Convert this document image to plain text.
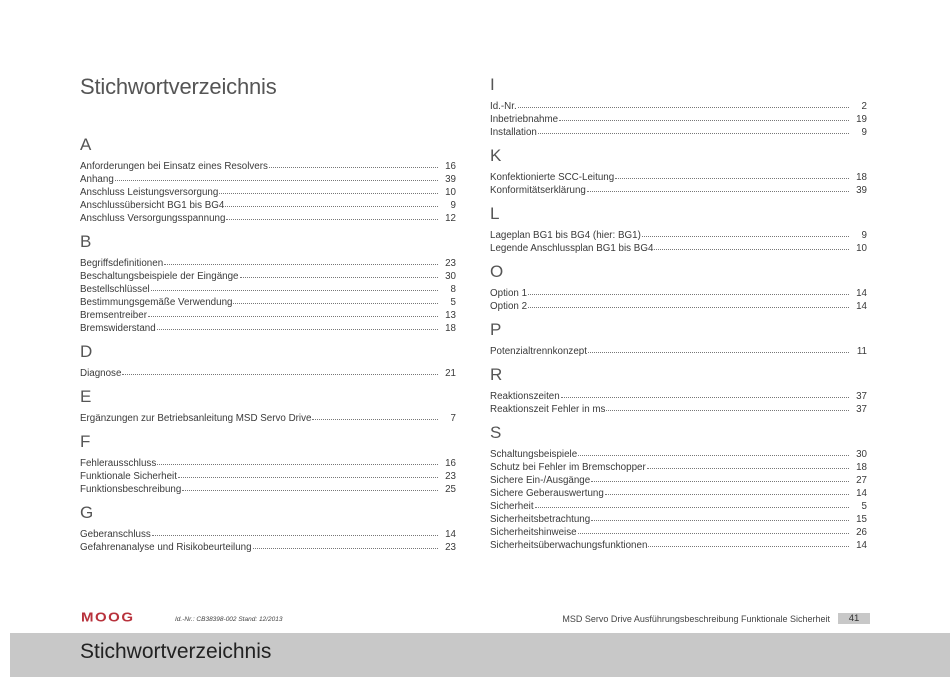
Stichwortverzeichnis
A
Anforderungen bei Einsatz eines Resolvers	16
Anhang	39
Anschluss Leistungsversorgung	10
Anschlussübersicht BG1 bis BG4	9
Anschluss Versorgungsspannung	12
B
Begriffsdefinitionen	23
Beschaltungsbeispiele der Eingänge	30
Bestellschlüssel	8
Bestimmungsgemäße Verwendung	5
Bremsentreiber	13
Bremswiderstand	18
D
Diagnose	21
E
Ergänzungen zur Betriebsanleitung MSD Servo Drive	7
F
Fehlerausschluss	16
Funktionale Sicherheit	23
Funktionsbeschreibung	25
G
Geberanschluss	14
Gefahrenanalyse und Risikobeurteilung	23
I
Id.-Nr.	2
Inbetriebnahme	19
Installation	9
K
Konfektionierte SCC-Leitung	18
Konformitätserklärung	39
L
Lageplan BG1 bis BG4 (hier: BG1)	9
Legende Anschlussplan BG1 bis BG4	10
O
Option 1	14
Option 2	14
P
Potenzialtrennkonzept	11
R
Reaktionszeiten	37
Reaktionszeit Fehler in ms	37
S
Schaltungsbeispiele	30
Schutz bei Fehler im Bremschopper	18
Sichere Ein-/Ausgänge	27
Sichere Geberauswertung	14
Sicherheit	5
Sicherheitsbetrachtung	15
Sicherheitshinweise	26
Sicherheitsüberwachungsfunktionen	14
MOOG	Id.-Nr.: CB38398-002 Stand: 12/2013	MSD Servo Drive Ausführungsbeschreibung Funktionale Sicherheit	41
Stichwortverzeichnis
